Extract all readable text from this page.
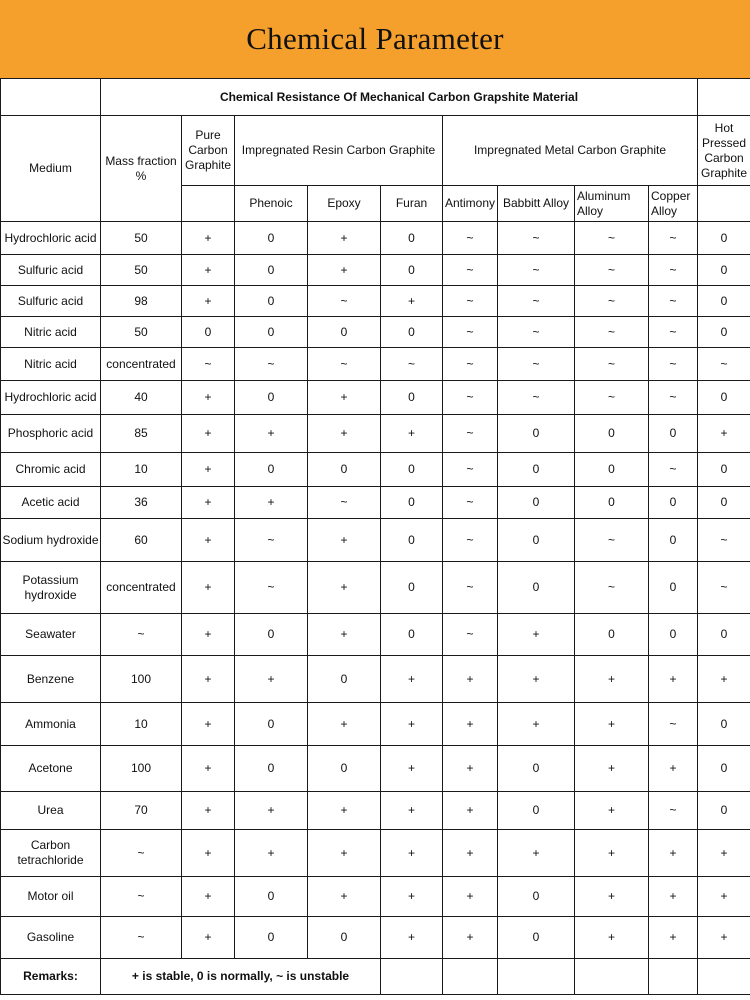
Chemical Parameter
	Chemical Resistance Of Mechanical Carbon Grapshite Material									
Medium	Mass fraction %	Pure Carbon Graphite	Impregnated Resin Carbon Graphite			Impregnated Metal Carbon Graphite				Hot Pressed Carbon Graphite
			Phenoic	Epoxy	Furan	Antimony	Babbitt Alloy	Aluminum Alloy	Copper Alloy	
Hydrochloric acid	50	+	0	+	0	~	~	~	~	0
Sulfuric acid	50	+	0	+	0	~	~	~	~	0
Sulfuric acid	98	+	0	~	+	~	~	~	~	0
Nitric acid	50	0	0	0	0	~	~	~	~	0
Nitric acid	concentrated	~	~	~	~	~	~	~	~	~
Hydrochloric acid	40	+	0	+	0	~	~	~	~	0
Phosphoric acid	85	+	+	+	+	~	0	0	0	+
Chromic acid	10	+	0	0	0	~	0	0	~	0
Acetic acid	36	+	+	~	0	~	0	0	0	0
Sodium hydroxide	60	+	~	+	0	~	0	~	0	~
Potassium hydroxide	concentrated	+	~	+	0	~	0	~	0	~
Seawater	~	+	0	+	0	~	+	0	0	0
Benzene	100	+	+	0	+	+	+	+	+	+
Ammonia	10	+	0	+	+	+	+	+	~	0
Acetone	100	+	0	0	+	+	0	+	+	0
Urea	70	+	+	+	+	+	0	+	~	0
Carbon tetrachloride	~	+	+	+	+	+	+	+	+	+
Motor oil	~	+	0	+	+	+	0	+	+	+
Gasoline	~	+	0	0	+	+	0	+	+	+
Remarks:	+ is stable, 0 is normally, ~ is unstable									
